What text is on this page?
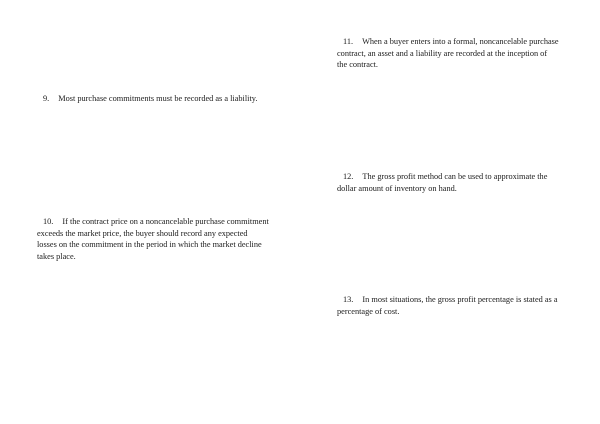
9. Most purchase commitments must be recorded as a liability.

10. If the contract price on a noncancelable purchase commitment exceeds the market price, the buyer should record any expected losses on the commitment in the period in which the market decline takes place.

11. When a buyer enters into a formal, noncancelable purchase contract, an asset and a liability are recorded at the inception of the contract.

12. The gross profit method can be used to approximate the dollar amount of inventory on hand.

13. In most situations, the gross profit percentage is stated as a percentage of cost.
